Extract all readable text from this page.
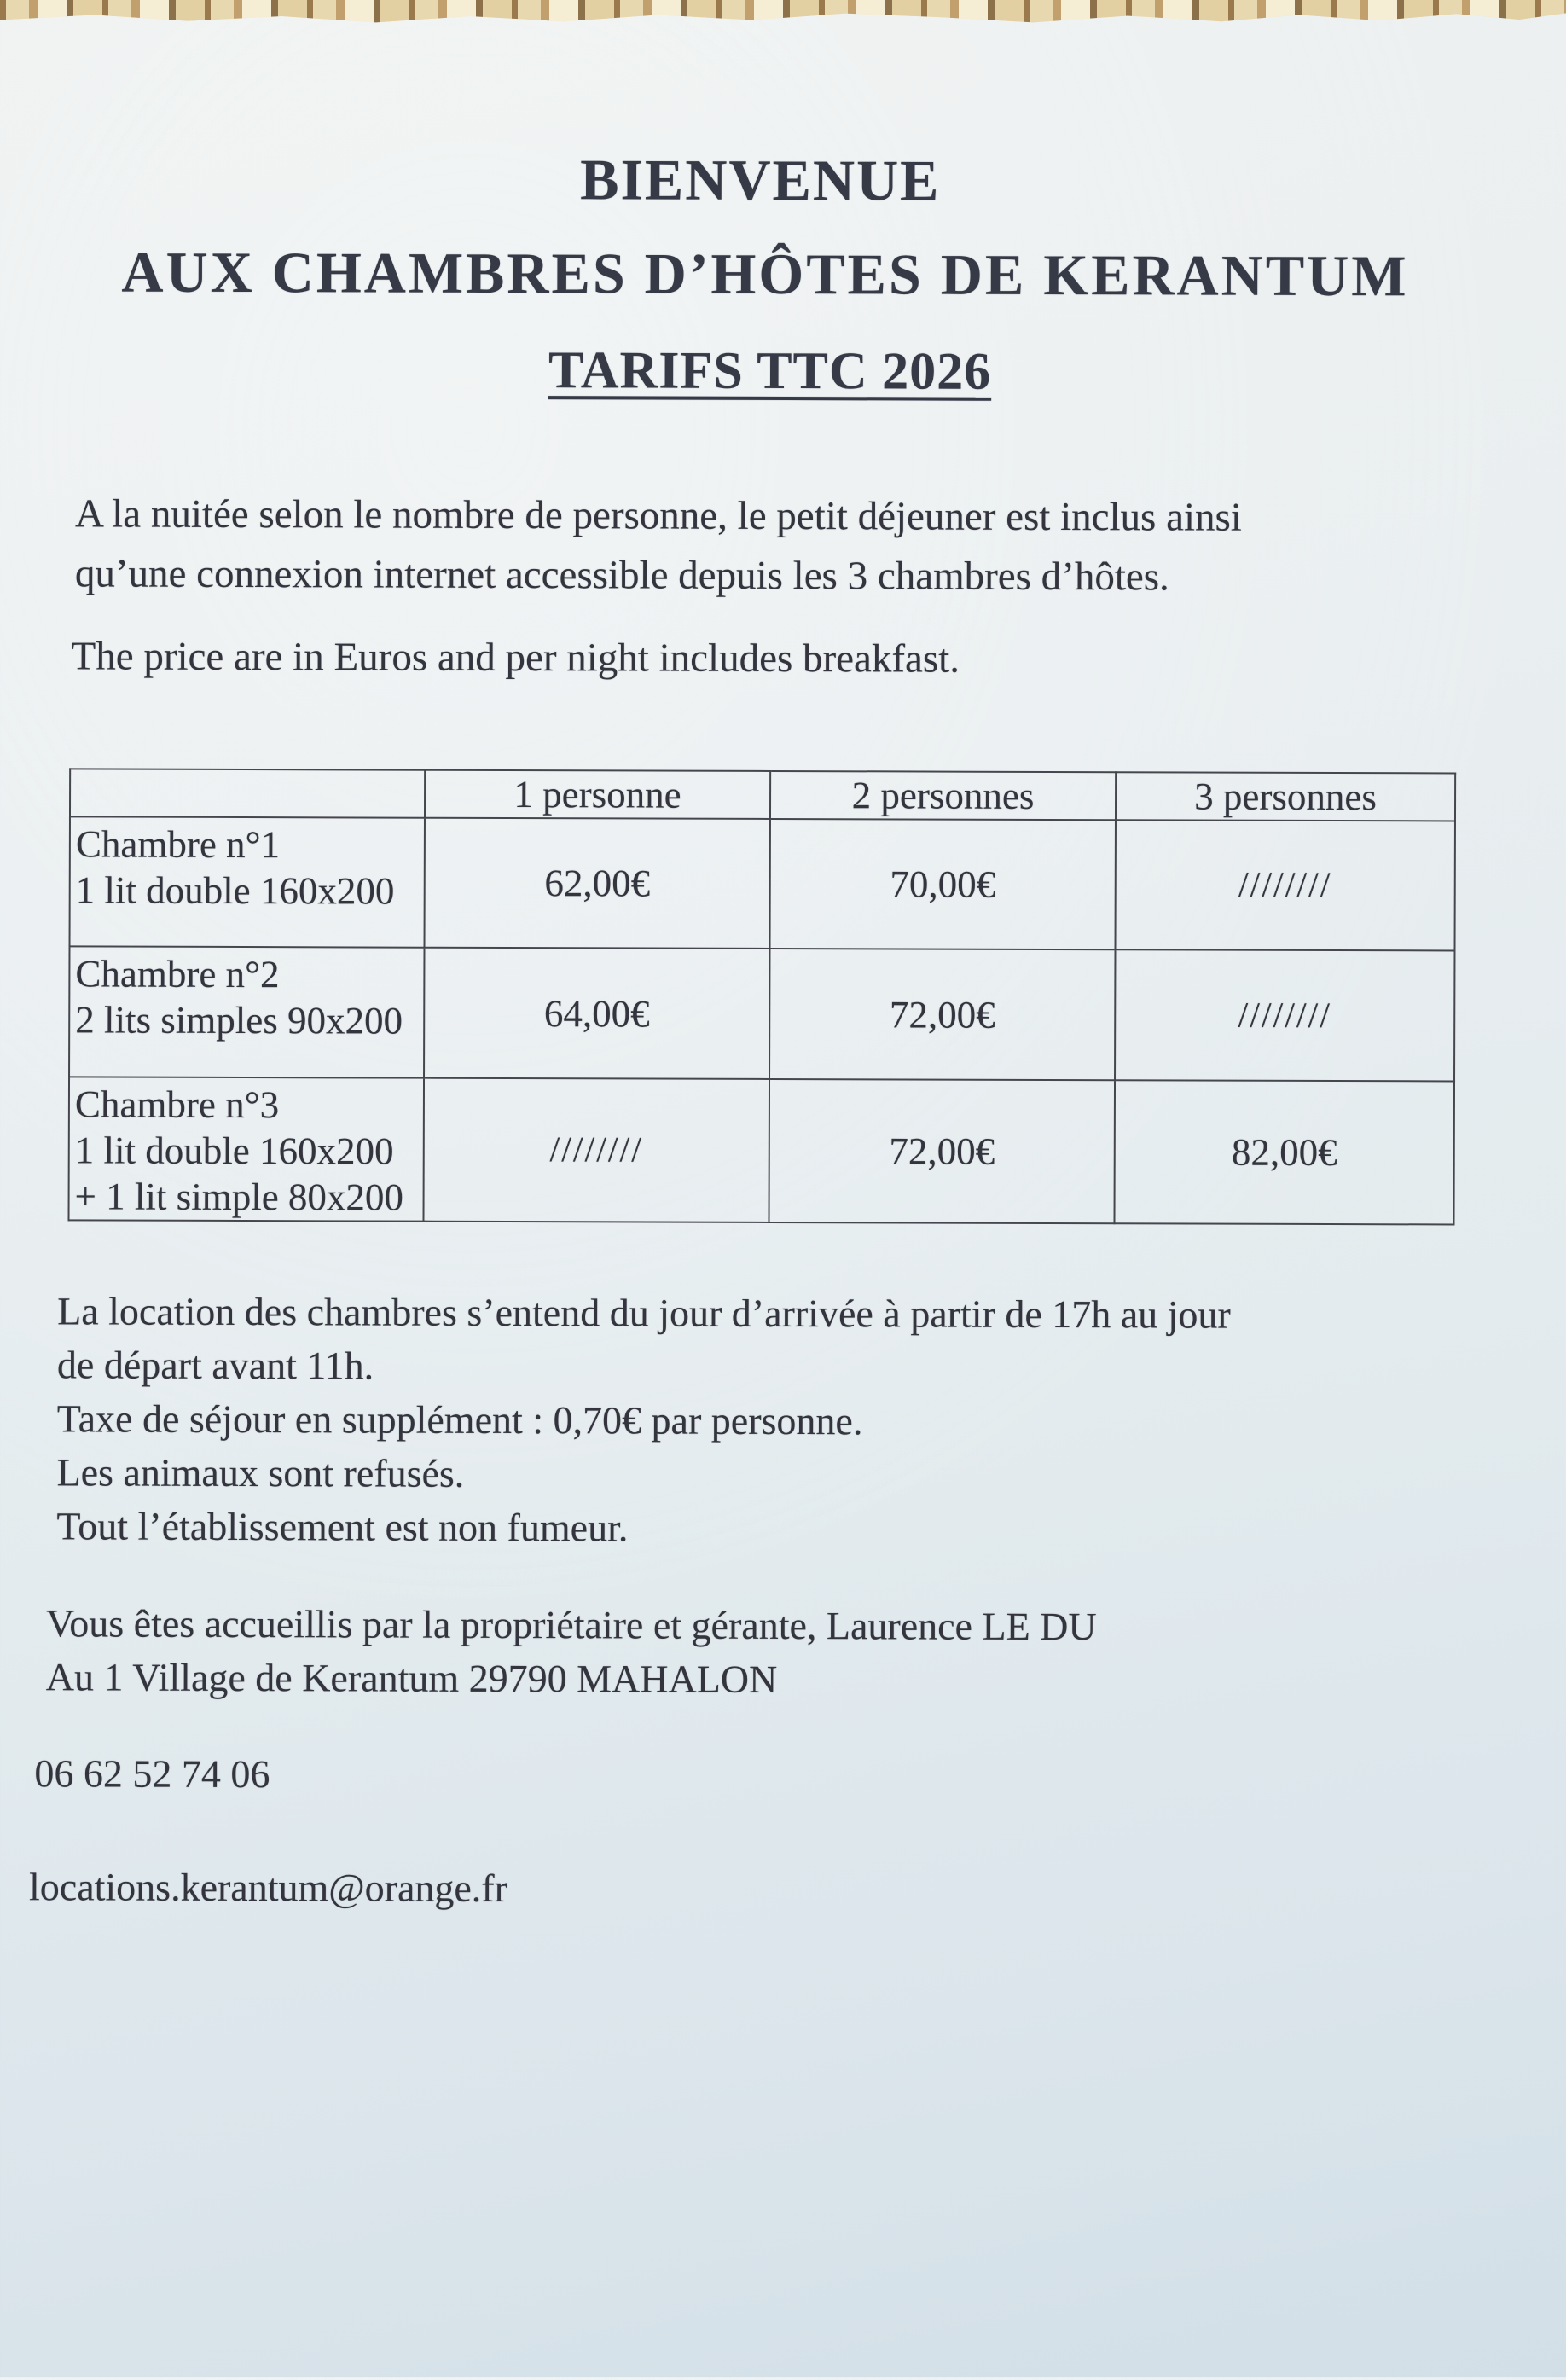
BIENVENUE
AUX CHAMBRES D’HÔTES DE KERANTUM
TARIFS TTC 2026

A la nuitée selon le nombre de personne, le petit déjeuner est inclus ainsi
qu’une connexion internet accessible depuis les 3 chambres d’hôtes.

The price are in Euros and per night includes breakfast.

	1 personne	2 personnes	3 personnes
Chambre n°1
1 lit double 160x200	62,00€	70,00€	////////
Chambre n°2
2 lits simples 90x200	64,00€	72,00€	////////
Chambre n°3
1 lit double 160x200
+ 1 lit simple 80x200	////////	72,00€	82,00€

La location des chambres s’entend du jour d’arrivée à partir de 17h au jour
de départ avant 11h.

Taxe de séjour en supplément : 0,70€ par personne.

Les animaux sont refusés.

Tout l’établissement est non fumeur.

Vous êtes accueillis par la propriétaire et gérante, Laurence LE DU
Au 1 Village de Kerantum 29790 MAHALON

06 62 52 74 06

locations.kerantum@orange.fr
